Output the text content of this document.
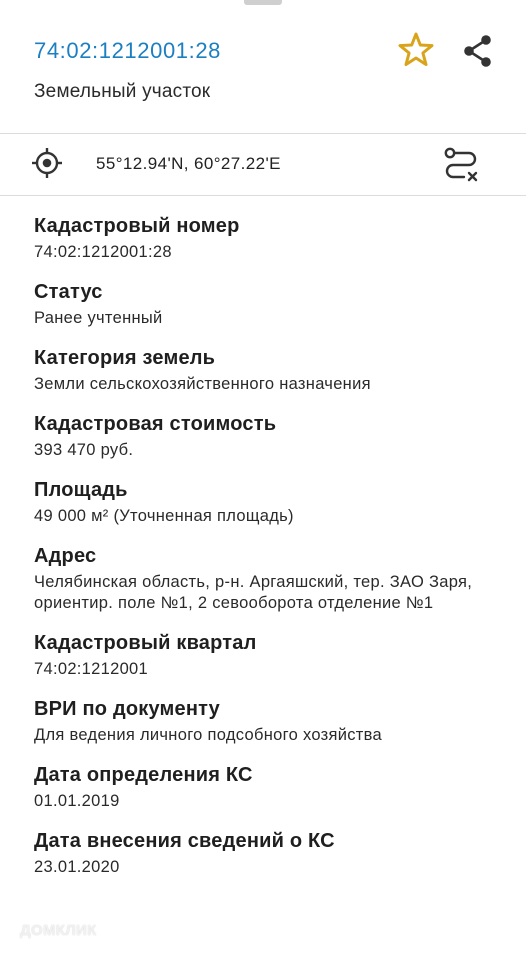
74:02:1212001:28
Земельный участок
55°12.94'N, 60°27.22'E
Кадастровый номер
74:02:1212001:28
Статус
Ранее учтенный
Категория земель
Земли сельскохозяйственного назначения
Кадастровая стоимость
393 470 руб.
Площадь
49 000 м² (Уточненная площадь)
Адрес
Челябинская область, р-н. Аргаяшский, тер. ЗАО Заря, ориентир. поле №1, 2 севооборота отделение №1
Кадастровый квартал
74:02:1212001
ВРИ по документу
Для ведения личного подсобного хозяйства
Дата определения КС
01.01.2019
Дата внесения сведений о КС
23.01.2020
ДОМКЛИК
